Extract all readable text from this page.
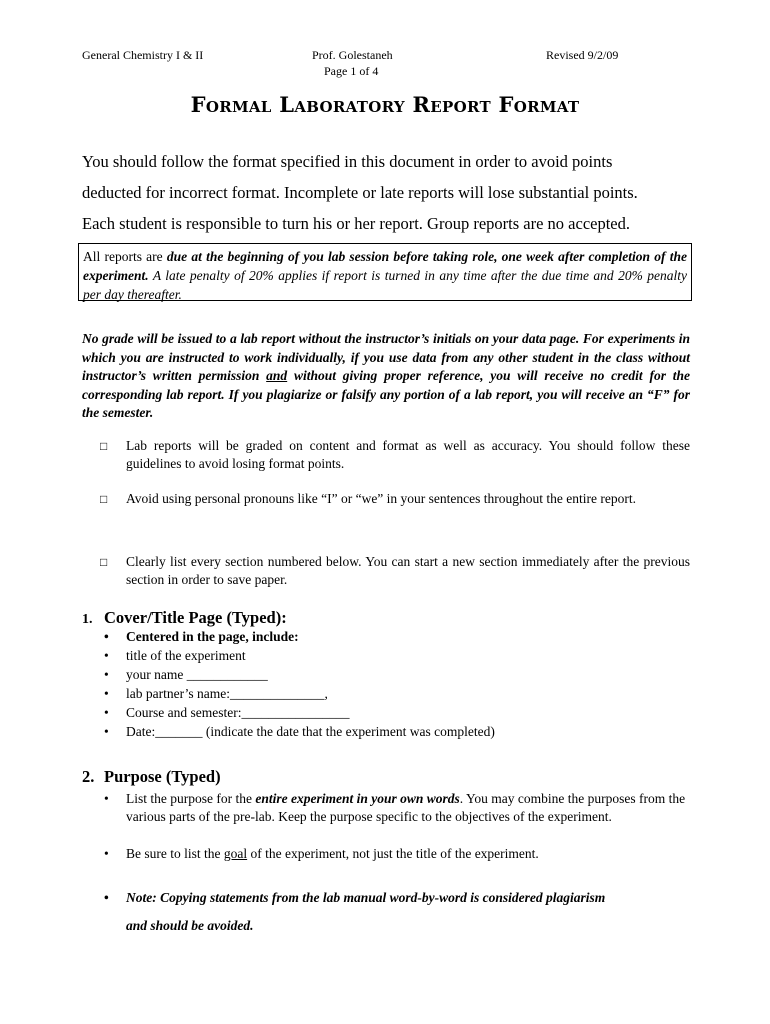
General Chemistry I & II	Prof. Golestaneh	Revised 9/2/09
Page 1 of 4
Formal Laboratory Report Format
You should follow the format specified in this document in order to avoid points
deducted for incorrect format. Incomplete or late reports will lose substantial points.
Each student is responsible to turn his or her report. Group reports are no accepted.
All reports are due at the beginning of you lab session before taking role, one week after completion of the experiment. A late penalty of 20% applies if report is turned in any time after the due time and 20% penalty per day thereafter.
No grade will be issued to a lab report without the instructor’s initials on your data page. For experiments in which you are instructed to work individually, if you use data from any other student in the class without instructor’s written permission and without giving proper reference, you will receive no credit for the corresponding lab report. If you plagiarize or falsify any portion of a lab report, you will receive an “F” for the semester.
□ Lab reports will be graded on content and format as well as accuracy. You should follow these guidelines to avoid losing format points.
□ Avoid using personal pronouns like “I” or “we” in your sentences throughout the entire report.
□ Clearly list every section numbered below. You can start a new section immediately after the previous section in order to save paper.
1. Cover/Title Page (Typed):
• Centered in the page, include:
• title of the experiment
• your name ____________
• lab partner’s name:______________,
• Course and semester:________________
• Date:_______ (indicate the date that the experiment was completed)
2. Purpose (Typed)
• List the purpose for the entire experiment in your own words. You may combine the purposes from the various parts of the pre-lab. Keep the purpose specific to the objectives of the experiment.
• Be sure to list the goal of the experiment, not just the title of the experiment.
• Note: Copying statements from the lab manual word-by-word is considered plagiarism
and should be avoided.
